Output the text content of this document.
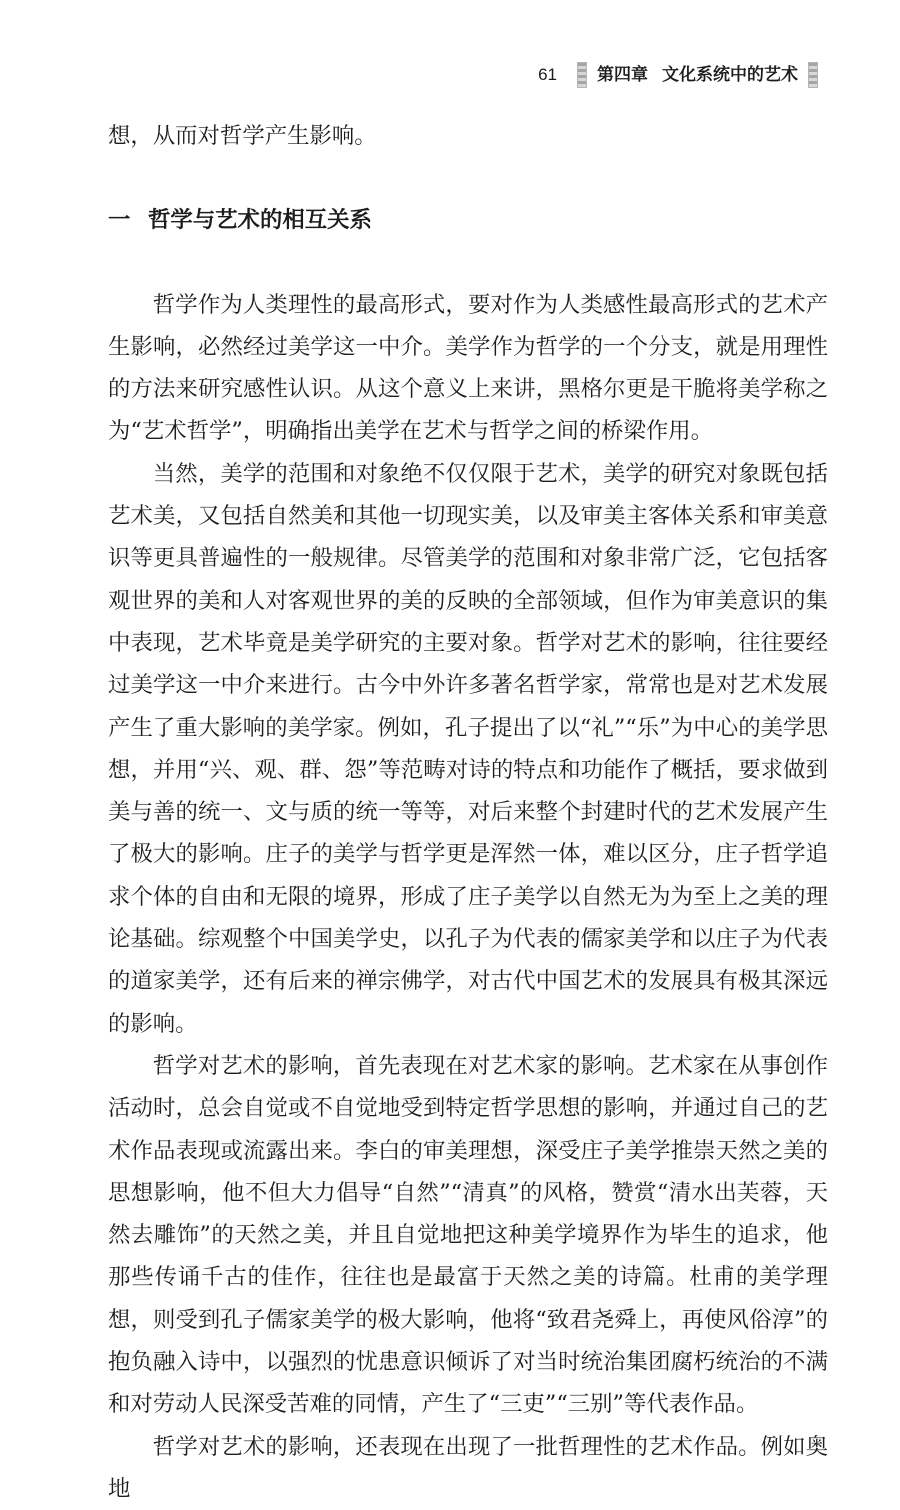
61 第四章 文化系统中的艺术

想，从而对哲学产生影响。

一 哲学与艺术的相互关系

哲学作为人类理性的最高形式，要对作为人类感性最高形式的艺术产生影响，必然经过美学这一中介。美学作为哲学的一个分支，就是用理性的方法来研究感性认识。从这个意义上来讲，黑格尔更是干脆将美学称之为“艺术哲学”，明确指出美学在艺术与哲学之间的桥梁作用。

当然，美学的范围和对象绝不仅仅限于艺术，美学的研究对象既包括艺术美，又包括自然美和其他一切现实美，以及审美主客体关系和审美意识等更具普遍性的一般规律。尽管美学的范围和对象非常广泛，它包括客观世界的美和人对客观世界的美的反映的全部领域，但作为审美意识的集中表现，艺术毕竟是美学研究的主要对象。哲学对艺术的影响，往往要经过美学这一中介来进行。古今中外许多著名哲学家，常常也是对艺术发展产生了重大影响的美学家。例如，孔子提出了以“礼”“乐”为中心的美学思想，并用“兴、观、群、怨”等范畴对诗的特点和功能作了概括，要求做到美与善的统一、文与质的统一等等，对后来整个封建时代的艺术发展产生了极大的影响。庄子的美学与哲学更是浑然一体，难以区分，庄子哲学追求个体的自由和无限的境界，形成了庄子美学以自然无为为至上之美的理论基础。综观整个中国美学史，以孔子为代表的儒家美学和以庄子为代表的道家美学，还有后来的禅宗佛学，对古代中国艺术的发展具有极其深远的影响。

哲学对艺术的影响，首先表现在对艺术家的影响。艺术家在从事创作活动时，总会自觉或不自觉地受到特定哲学思想的影响，并通过自己的艺术作品表现或流露出来。李白的审美理想，深受庄子美学推崇天然之美的思想影响，他不但大力倡导“自然”“清真”的风格，赞赏“清水出芙蓉，天然去雕饰”的天然之美，并且自觉地把这种美学境界作为毕生的追求，他那些传诵千古的佳作，往往也是最富于天然之美的诗篇。杜甫的美学理想，则受到孔子儒家美学的极大影响，他将“致君尧舜上，再使风俗淳”的抱负融入诗中，以强烈的忧患意识倾诉了对当时统治集团腐朽统治的不满和对劳动人民深受苦难的同情，产生了“三吏”“三别”等代表作品。

哲学对艺术的影响，还表现在出现了一批哲理性的艺术作品。例如奥地
